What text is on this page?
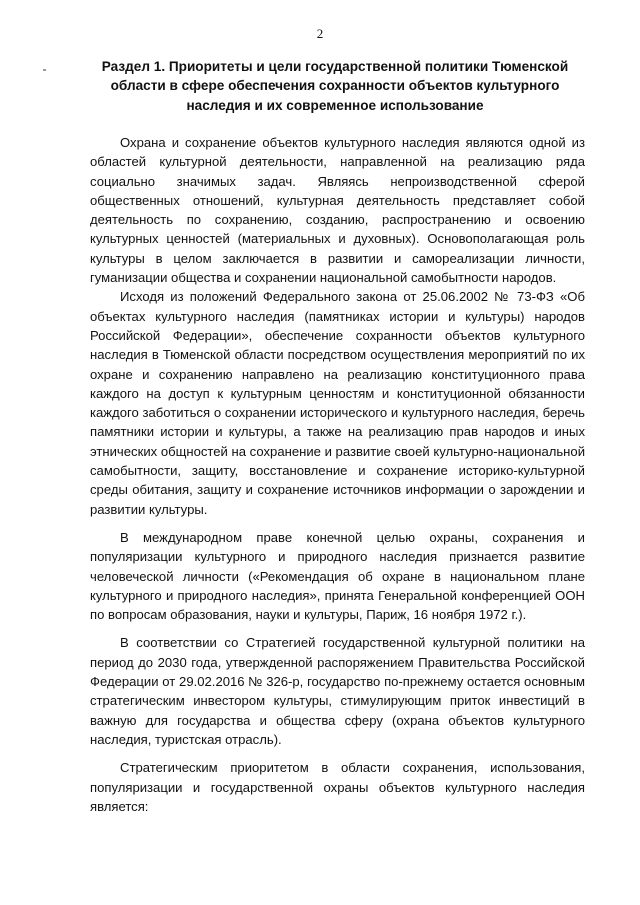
2
Раздел 1. Приоритеты и цели государственной политики Тюменской области в сфере обеспечения сохранности объектов культурного наследия и их современное использование

Охрана и сохранение объектов культурного наследия являются одной из областей культурной деятельности, направленной на реализацию ряда социально значимых задач. Являясь непроизводственной сферой общественных отношений, культурная деятельность представляет собой деятельность по сохранению, созданию, распространению и освоению культурных ценностей (материальных и духовных). Основополагающая роль культуры в целом заключается в развитии и самореализации личности, гуманизации общества и сохранении национальной самобытности народов.

Исходя из положений Федерального закона от 25.06.2002 № 73-ФЗ «Об объектах культурного наследия (памятниках истории и культуры) народов Российской Федерации», обеспечение сохранности объектов культурного наследия в Тюменской области посредством осуществления мероприятий по их охране и сохранению направлено на реализацию конституционного права каждого на доступ к культурным ценностям и конституционной обязанности каждого заботиться о сохранении исторического и культурного наследия, беречь памятники истории и культуры, а также на реализацию прав народов и иных этнических общностей на сохранение и развитие своей культурно-национальной самобытности, защиту, восстановление и сохранение историко-культурной среды обитания, защиту и сохранение источников информации о зарождении и развитии культуры.

В международном праве конечной целью охраны, сохранения и популяризации культурного и природного наследия признается развитие человеческой личности («Рекомендация об охране в национальном плане культурного и природного наследия», принята Генеральной конференцией ООН по вопросам образования, науки и культуры, Париж, 16 ноября 1972 г.).

В соответствии со Стратегией государственной культурной политики на период до 2030 года, утвержденной распоряжением Правительства Российской Федерации от 29.02.2016 № 326-р, государство по-прежнему остается основным стратегическим инвестором культуры, стимулирующим приток инвестиций в важную для государства и общества сферу (охрана объектов культурного наследия, туристская отрасль).

Стратегическим приоритетом в области сохранения, использования, популяризации и государственной охраны объектов культурного наследия является:
